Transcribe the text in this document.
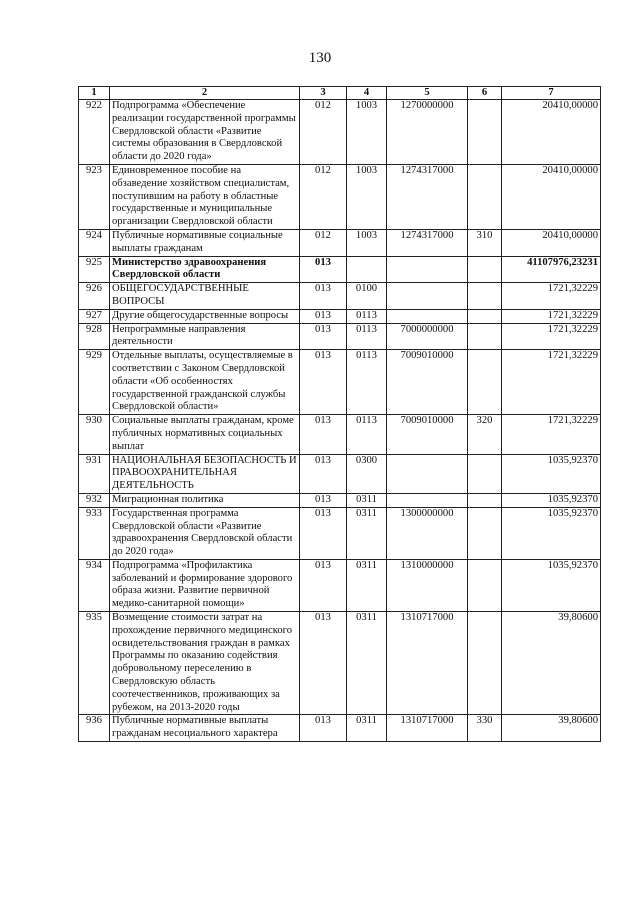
130
1	2	3	4	5	6	7
922	Подпрограмма «Обеспечение реализации государственной программы Свердловской области «Развитие системы образования в Свердловской области до 2020 года»	012	1003	1270000000		20410,00000
923	Единовременное пособие на обзаведение хозяйством специалистам, поступившим на работу в областные государственные и муниципальные организации Свердловской области	012	1003	1274317000		20410,00000
924	Публичные нормативные социальные выплаты гражданам	012	1003	1274317000	310	20410,00000
925	Министерство здравоохранения Свердловской области	013				41107976,23231
926	ОБЩЕГОСУДАРСТВЕННЫЕ ВОПРОСЫ	013	0100			1721,32229
927	Другие общегосударственные вопросы	013	0113			1721,32229
928	Непрограммные направления деятельности	013	0113	7000000000		1721,32229
929	Отдельные выплаты, осуществляемые в соответствии с Законом Свердловской области «Об особенностях государственной гражданской службы Свердловской области»	013	0113	7009010000		1721,32229
930	Социальные выплаты гражданам, кроме публичных нормативных социальных выплат	013	0113	7009010000	320	1721,32229
931	НАЦИОНАЛЬНАЯ БЕЗОПАСНОСТЬ И ПРАВООХРАНИТЕЛЬНАЯ ДЕЯТЕЛЬНОСТЬ	013	0300			1035,92370
932	Миграционная политика	013	0311			1035,92370
933	Государственная программа Свердловской области «Развитие здравоохранения Свердловской области до 2020 года»	013	0311	1300000000		1035,92370
934	Подпрограмма «Профилактика заболеваний и формирование здорового образа жизни. Развитие первичной медико-санитарной помощи»	013	0311	1310000000		1035,92370
935	Возмещение стоимости затрат на прохождение первичного медицинского освидетельствования граждан в рамках Программы по оказанию содействия добровольному переселению в Свердловскую область соотечественников, проживающих за рубежом, на 2013-2020 годы	013	0311	1310717000		39,80600
936	Публичные нормативные выплаты гражданам несоциального характера	013	0311	1310717000	330	39,80600
